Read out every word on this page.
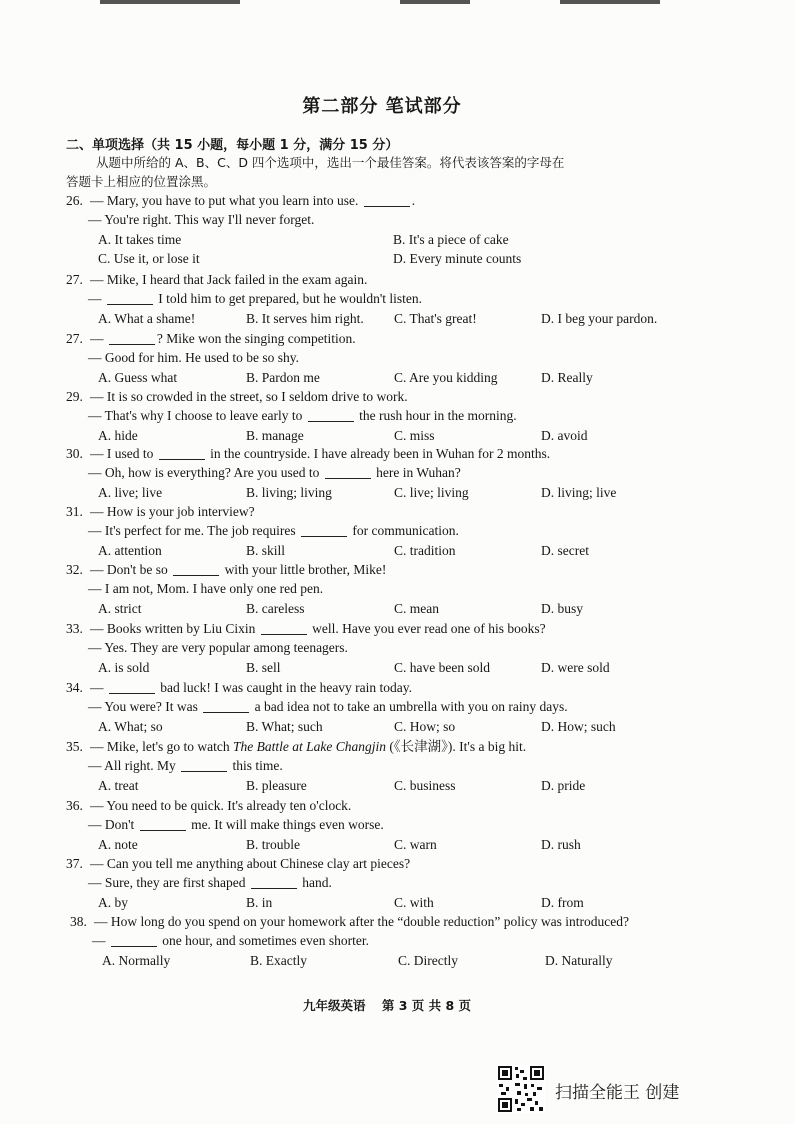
第二部分 笔试部分
二、单项选择（共 15 小题，每小题 1 分，满分 15 分）
从题中所给的 A、B、C、D 四个选项中，选出一个最佳答案。将代表该答案的字母在
答题卡上相应的位置涂黑。
26. — Mary, you have to put what you learn into use.	.
— You're right. This way I'll never forget.
A. It takes time	B. It's a piece of cake
C. Use it, or lose it	D. Every minute counts
27. — Mike, I heard that Jack failed in the exam again.
—	I told him to get prepared, but he wouldn't listen.
A. What a shame!	B. It serves him right. C. That's great!	D. I beg your pardon.
27. —	? Mike won the singing competition.
— Good for him. He used to be so shy.
A. Guess what	B. Pardon me	C. Are you kidding	D. Really
29. — It is so crowded in the street, so I seldom drive to work.
— That's why I choose to leave early to	the rush hour in the morning.
A. hide	B. manage	C. miss	D. avoid
30. — I used to	in the countryside. I have already been in Wuhan for 2 months.
— Oh, how is everything? Are you used to	here in Wuhan?
A. live; live	B. living; living	C. live; living	D. living; live
31. — How is your job interview?
— It's perfect for me. The job requires	for communication.
A. attention	B. skill	C. tradition	D. secret
32. — Don't be so	with your little brother, Mike!
— I am not, Mom. I have only one red pen.
A. strict	B. careless	C. mean	D. busy
33. — Books written by Liu Cixin	well. Have you ever read one of his books?
— Yes. They are very popular among teenagers.
A. is sold	B. sell	C. have been sold	D. were sold
34. —	bad luck! I was caught in the heavy rain today.
— You were? It was	a bad idea not to take an umbrella with you on rainy days.
A. What; so	B. What; such	C. How; so	D. How; such
35. — Mike, let's go to watch The Battle at Lake Changjin (《长津湖》). It's a big hit.
— All right. My	this time.
A. treat	B. pleasure	C. business	D. pride
36. — You need to be quick. It's already ten o'clock.
— Don't	me. It will make things even worse.
A. note	B. trouble	C. warn	D. rush
37. — Can you tell me anything about Chinese clay art pieces?
— Sure, they are first shaped	hand.
A. by	B. in	C. with	D. from
38. — How long do you spend on your homework after the “double reduction” policy was introduced?
—	one hour, and sometimes even shorter.
A. Normally	B. Exactly	C. Directly	D. Naturally
九年级英语 第 3 页 共 8 页
扫描全能王 创建
